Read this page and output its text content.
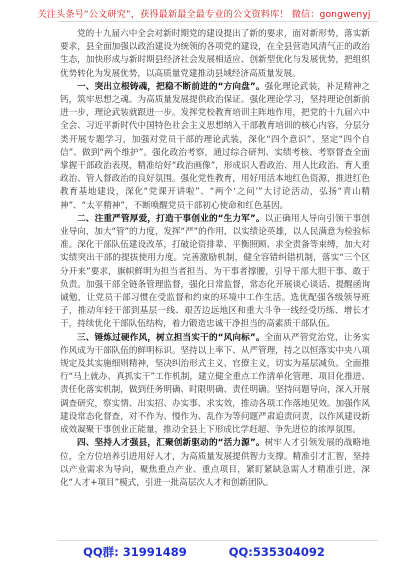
关注头条号“公文研究”，获得最新最全最专业的公文资料库！ 微信：gongwenyj

党的十九届六中全会对新时期党的建设提出了新的要求，面对新形势，落实新要求，县全面加强以政治建设为统领的各项党的建设，在全县营造风清气正的政治生态，加快形成与新时期县经济社会发展相适应、创新型优化与发展优势，把组织优势转化为发展优势，以高质量党建推动县域经济高质量发展。

一、突出立根铸魂，把稳不断前进的“方向盘”。强化理论武装，补足精神之钙，筑牢思想之魂。为高质量发展提供政治保证。强化理论学习，坚持理论创新前进一步，理论武装就跟进一步。发挥党校教育培训主阵地作用，把党的十九届六中全会、习近平新时代中国特色社会主义思想纳入干部教育培训的核心内容，分层分类开展专题学习，加强对党员干部的理论武装，深化“四个意识”、坚定“四个自信”、做到“两个维护”。强化政治考察，通过综合研判、实绩考核、考察督查全面掌握干部政治表现，精准给好“政治画像”，形成识人看政治、用人比政治、育人重政治、管人督政治的良好氛围。强化党性教育，用好用活本地红色资源，推进红色教育基地建设，深化“党课开讲啦”、“两个‘之问’”大讨论活动，弘扬“青山精神”、“太平精神”，不断唤醒党员干部初心使命和红色基因。

二、注重严管厚爱，打造干事创业的“生力军”。以正确用人导向引领干事创业导向，加大“管”的力度，发挥“严”的作用，以实绩论英雄，以人民满意为检验标准。深化干部队伍建设改革，打破论资排辈、平衡照顾、求全责备等束缚，加大对实绩突出干部的提拔使用力度。完善激励机制，健全容错纠错机制，落实“三个区分开来”要求，旗帜鲜明为担当者担当、为干事者撑腰，引导干部大胆干事、敢于负责。加强干部全链条管理监督，强化日常监督，常态化开展谈心谈话、提醒函询诫勉，让党员干部习惯在受监督和约束的环境中工作生活。选优配强各级领导班子，推动年轻干部到基层一线、艰苦边远地区和重大斗争一线经受历练、增长才干，持续优化干部队伍结构，着力锻造忠诚干净担当的高素质干部队伍。

三、锤炼过硬作风，树立担当实干的“风向标”。全面从严管党治党，让务实作风成为干部队伍的鲜明标识。坚持以上率下、从严管理，持之以恒落实中央八项规定及其实施细则精神，坚决纠治形式主义、官僚主义，切实为基层减负。全面推行“马上就办、真抓实干”工作机制，建立健全重点工作清单化管理、项目化推进、责任化落实机制，做到任务明确、时限明确、责任明确。坚持问题导向，深入开展调查研究，察实情、出实招、办实事、求实效，推动各项工作落地见效。加强作风建设常态化督查，对不作为、慢作为、乱作为等问题严肃追责问责，以作风建设新成效凝聚干事创业正能量，推动全县上下形成比学赶超、争先进位的浓厚氛围。

四、坚持人才强县，汇聚创新驱动的“活力源”。树牢人才引领发展的战略地位，全方位培养引进用好人才，为高质量发展提供智力支撑。精准引才汇智，坚持以产业需求为导向，聚焦重点产业、重点项目，紧盯紧缺急需人才精准引进，深化“人才+项目”模式，引进一批高层次人才和创新团队。

QQ群: 31991489	QQ:535304092
